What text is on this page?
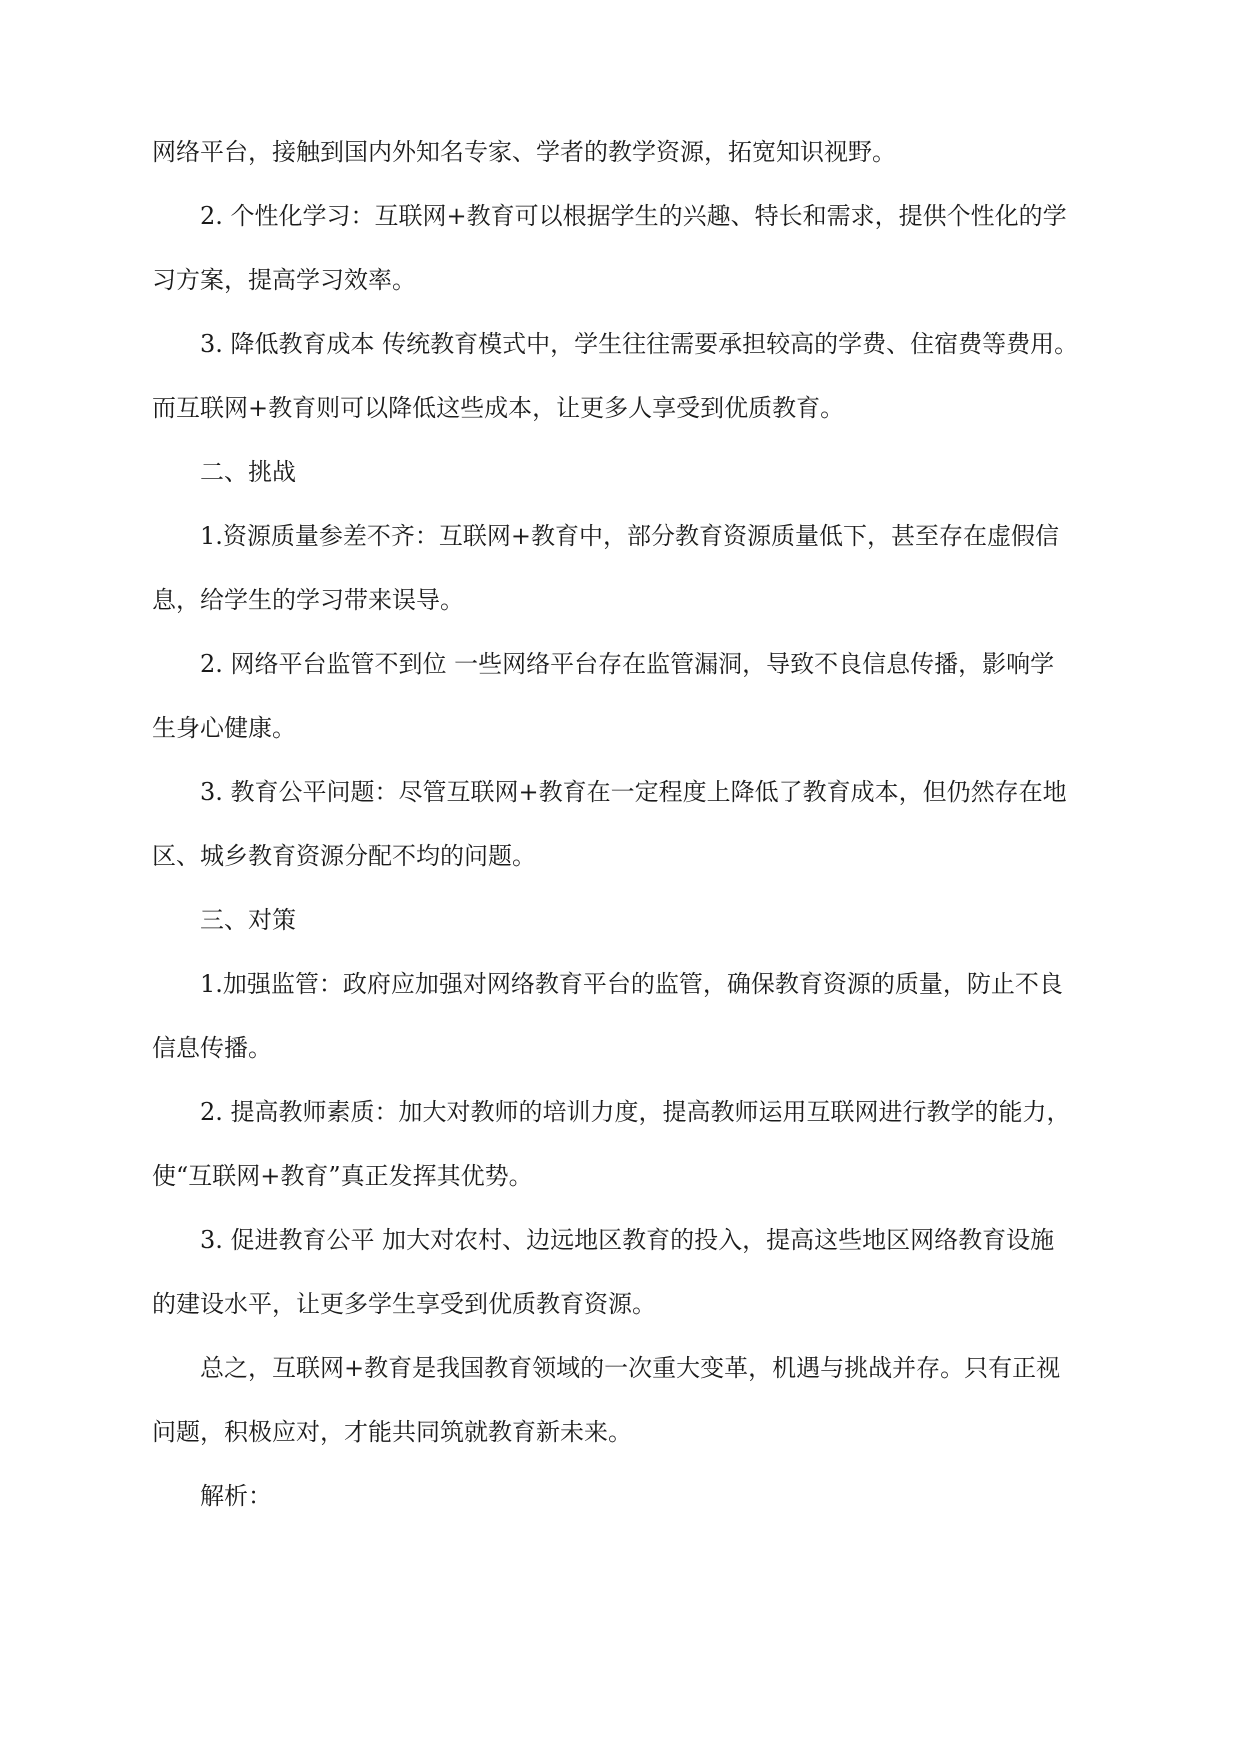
网络平台，接触到国内外知名专家、学者的教学资源，拓宽知识视野。

2. 个性化学习：互联网+教育可以根据学生的兴趣、特长和需求，提供个性化的学

习方案，提高学习效率。

3. 降低教育成本 传统教育模式中，学生往往需要承担较高的学费、住宿费等费用。

而互联网+教育则可以降低这些成本，让更多人享受到优质教育。

二、挑战

1.资源质量参差不齐：互联网+教育中，部分教育资源质量低下，甚至存在虚假信

息，给学生的学习带来误导。

2. 网络平台监管不到位 一些网络平台存在监管漏洞，导致不良信息传播，影响学

生身心健康。

3. 教育公平问题：尽管互联网+教育在一定程度上降低了教育成本，但仍然存在地

区、城乡教育资源分配不均的问题。

三、对策

1.加强监管：政府应加强对网络教育平台的监管，确保教育资源的质量，防止不良

信息传播。

2. 提高教师素质：加大对教师的培训力度，提高教师运用互联网进行教学的能力，

使“互联网+教育”真正发挥其优势。

3. 促进教育公平 加大对农村、边远地区教育的投入，提高这些地区网络教育设施

的建设水平，让更多学生享受到优质教育资源。

总之，互联网+教育是我国教育领域的一次重大变革，机遇与挑战并存。只有正视

问题，积极应对，才能共同筑就教育新未来。

解析：
